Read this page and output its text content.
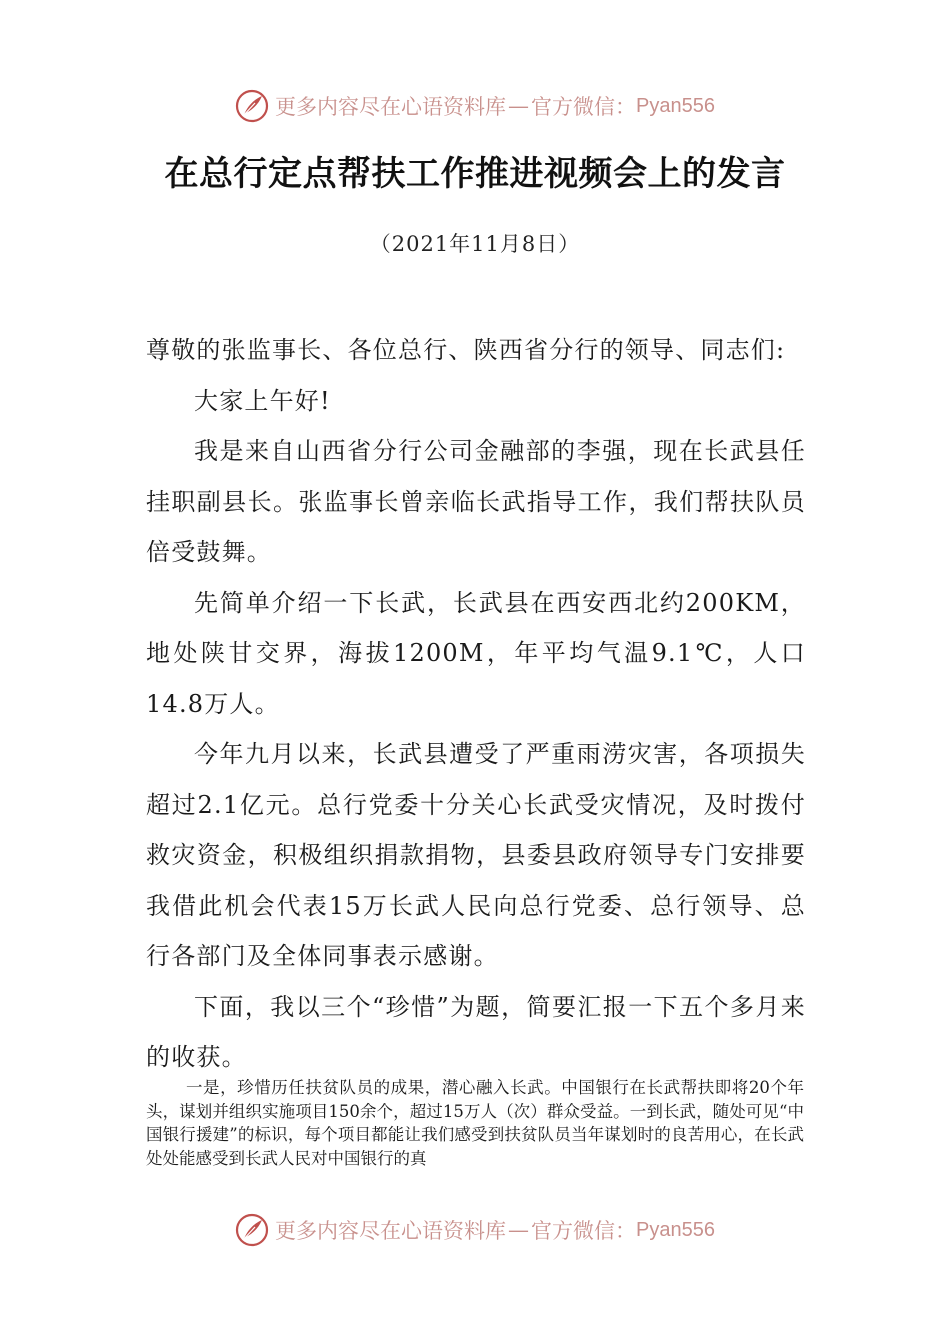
更多内容尽在心语资料库 — 官方微信： Pyan556
在总行定点帮扶工作推进视频会上的发言
（2021年11月8日）

尊敬的张监事长、各位总行、陕西省分行的领导、同志们:

大家上午好!

我是来自山西省分行公司金融部的李强，现在长武县任挂职副县长。张监事长曾亲临长武指导工作，我们帮扶队员倍受鼓舞。

先简单介绍一下长武，长武县在西安西北约200KM，地处陕甘交界，海拔1200M，年平均气温9.1℃，人口14.8万人。

今年九月以来，长武县遭受了严重雨涝灾害，各项损失超过2.1亿元。总行党委十分关心长武受灾情况，及时拨付救灾资金，积极组织捐款捐物，县委县政府领导专门安排要我借此机会代表15万长武人民向总行党委、总行领导、总行各部门及全体同事表示感谢。

下面，我以三个“珍惜”为题，简要汇报一下五个多月来的收获。

一是，珍惜历任扶贫队员的成果，潜心融入长武。中国银行在长武帮扶即将20个年头，谋划并组织实施项目150余个，超过15万人（次）群众受益。一到长武，随处可见“中国银行援建”的标识，每个项目都能让我们感受到扶贫队员当年谋划时的良苦用心，在长武处处能感受到长武人民对中国银行的真

更多内容尽在心语资料库 — 官方微信： Pyan556
